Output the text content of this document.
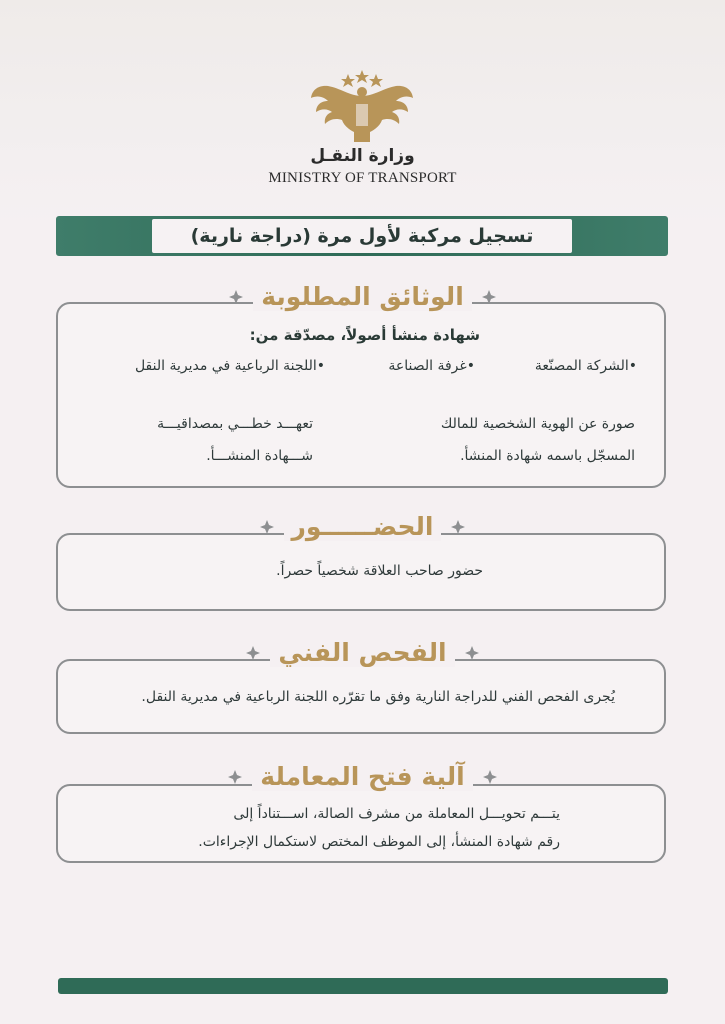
وزارة النقـل
MINISTRY OF TRANSPORT
تسجيل مركبة لأول مرة (دراجة نارية)
الوثائق المطلوبة
شهادة منشأ أصولاً، مصدّقة من:
•الشركة المصنّعة
•غرفة الصناعة
•اللجنة الرباعية في مديرية النقل
صورة عن الهوية الشخصية للمالك
المسجّل باسمه شهادة المنشأ.
تعهـــد خطـــي بمصداقيـــة
شـــهادة المنشـــأ.
الحضــــــور
حضور صاحب العلاقة شخصياً حصراً.
الفحص الفني
يُجرى الفحص الفني للدراجة النارية وفق ما تقرّره اللجنة الرباعية في مديرية النقل.
آلية فتح المعاملة
يتـــم تحويـــل المعاملة من مشرف الصالة، اســـتناداً إلى
رقم شهادة المنشأ، إلى الموظف المختص لاستكمال الإجراءات.
